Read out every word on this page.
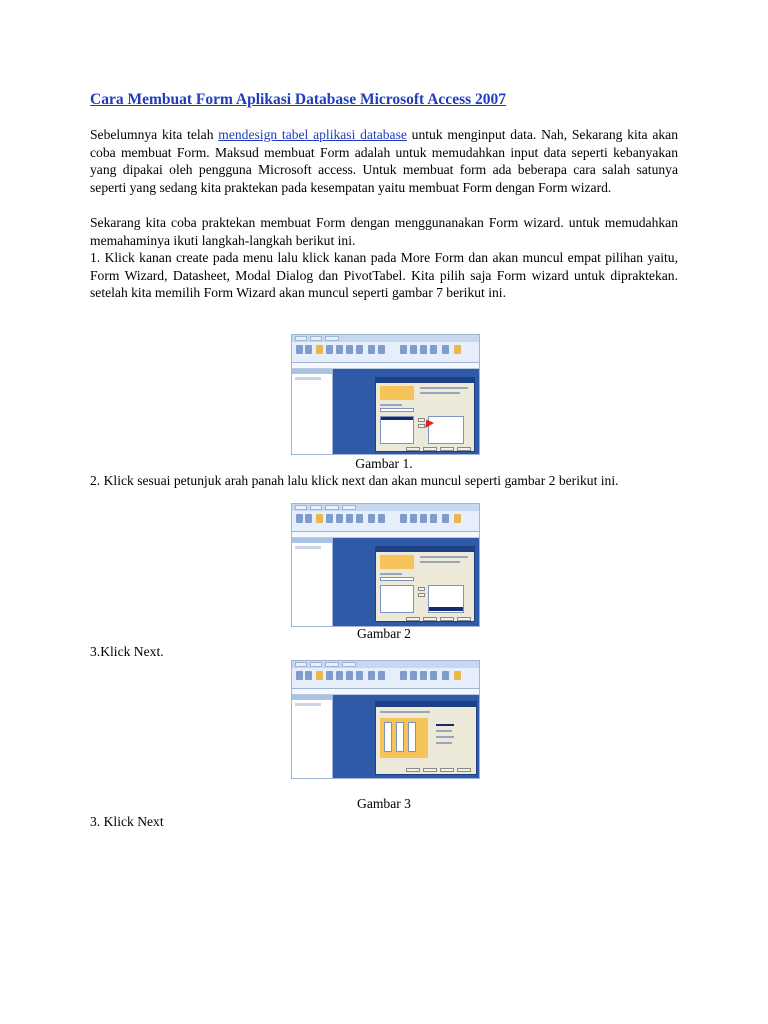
Cara Membuat Form Aplikasi Database Microsoft Access 2007

Sebelumnya kita telah mendesign tabel aplikasi database untuk menginput data. Nah, Sekarang kita akan coba membuat Form. Maksud membuat Form adalah untuk memudahkan input data seperti kebanyakan yang dipakai oleh pengguna Microsoft access. Untuk membuat form ada beberapa cara salah satunya seperti yang sedang kita praktekan pada kesempatan yaitu membuat Form dengan Form wizard.

Sekarang kita coba praktekan membuat Form dengan menggunanakan Form wizard. untuk memudahkan memahaminya ikuti langkah-langkah berikut ini.

1. Klick kanan create pada menu lalu klick kanan pada More Form dan akan muncul empat pilihan yaitu, Form Wizard, Datasheet, Modal Dialog dan PivotTabel. Kita pilih saja Form wizard untuk dipraktekan. setelah kita memilih Form Wizard akan muncul seperti gambar 7 berikut ini.

Gambar 1.
2. Klick sesuai petunjuk arah panah lalu klick next dan akan muncul seperti gambar 2 berikut ini.
Gambar 2
3.Klick Next.
Gambar 3
3. Klick Next
